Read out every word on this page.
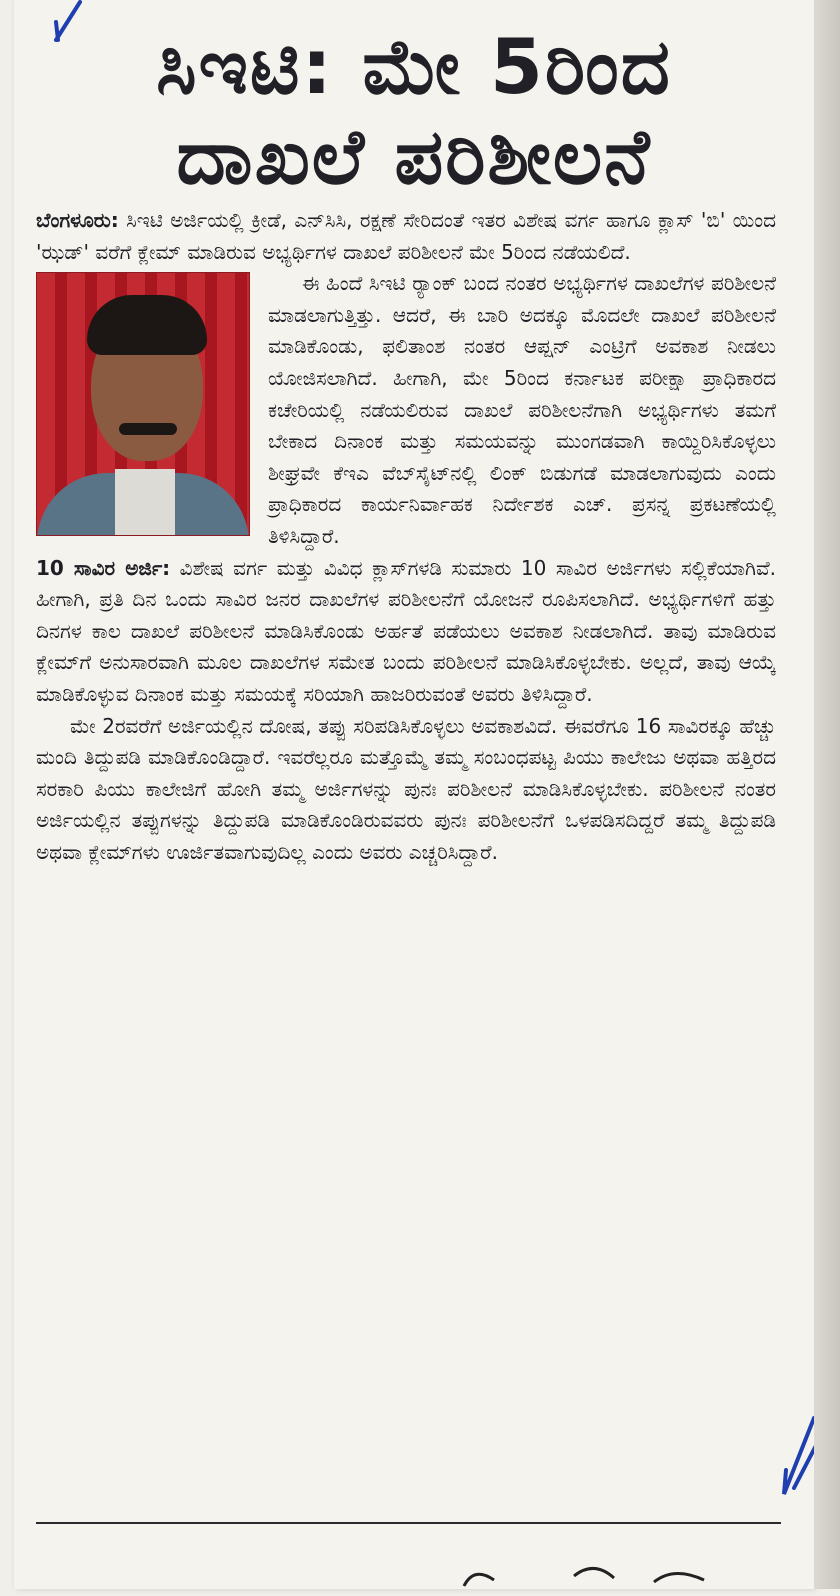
ಸಿಇಟಿ: ಮೇ 5ರಿಂದ
ದಾಖಲೆ ಪರಿಶೀಲನೆ

ಬೆಂಗಳೂರು: ಸಿಇಟಿ ಅರ್ಜಿಯಲ್ಲಿ ಕ್ರೀಡೆ, ಎನ್‌ಸಿಸಿ, ರಕ್ಷಣೆ ಸೇರಿದಂತೆ ಇತರ ವಿಶೇಷ ವರ್ಗ ಹಾಗೂ ಕ್ಲಾಸ್ 'ಬಿ' ಯಿಂದ 'ಝಡ್' ವರೆಗೆ ಕ್ಲೇಮ್ ಮಾಡಿರುವ ಅಭ್ಯರ್ಥಿಗಳ ದಾಖಲೆ ಪರಿಶೀಲನೆ ಮೇ 5ರಿಂದ ನಡೆಯಲಿದೆ.

ಈ ಹಿಂದೆ ಸಿಇಟಿ ರ‍್ಯಾಂಕ್ ಬಂದ ನಂತರ ಅಭ್ಯರ್ಥಿಗಳ ದಾಖಲೆಗಳ ಪರಿಶೀಲನೆ ಮಾಡಲಾಗುತ್ತಿತ್ತು. ಆದರೆ, ಈ ಬಾರಿ ಅದಕ್ಕೂ ಮೊದಲೇ ದಾಖಲೆ ಪರಿಶೀಲನೆ ಮಾಡಿಕೊಂಡು, ಫಲಿತಾಂಶ ನಂತರ ಆಪ್ಷನ್ ಎಂಟ್ರಿಗೆ ಅವಕಾಶ ನೀಡಲು ಯೋಜಿಸಲಾಗಿದೆ. ಹೀಗಾಗಿ, ಮೇ 5ರಿಂದ ಕರ್ನಾಟಕ ಪರೀಕ್ಷಾ ಪ್ರಾಧಿಕಾರದ ಕಚೇರಿಯಲ್ಲಿ ನಡೆಯಲಿರುವ ದಾಖಲೆ ಪರಿಶೀಲನೆಗಾಗಿ ಅಭ್ಯರ್ಥಿಗಳು ತಮಗೆ ಬೇಕಾದ ದಿನಾಂಕ ಮತ್ತು ಸಮಯವನ್ನು ಮುಂಗಡವಾಗಿ ಕಾಯ್ದಿರಿಸಿಕೊಳ್ಳಲು ಶೀಘ್ರವೇ ಕೆಇಎ ವೆಬ್‌ಸೈಟ್‌ನಲ್ಲಿ ಲಿಂಕ್ ಬಿಡುಗಡೆ ಮಾಡಲಾಗುವುದು ಎಂದು ಪ್ರಾಧಿಕಾರದ ಕಾರ್ಯನಿರ್ವಾಹಕ ನಿರ್ದೇಶಕ ಎಚ್. ಪ್ರಸನ್ನ ಪ್ರಕಟಣೆಯಲ್ಲಿ ತಿಳಿಸಿದ್ದಾರೆ.

10 ಸಾವಿರ ಅರ್ಜಿ: ವಿಶೇಷ ವರ್ಗ ಮತ್ತು ವಿವಿಧ ಕ್ಲಾಸ್‌ಗಳಡಿ ಸುಮಾರು 10 ಸಾವಿರ ಅರ್ಜಿಗಳು ಸಲ್ಲಿಕೆಯಾಗಿವೆ. ಹೀಗಾಗಿ, ಪ್ರತಿ ದಿನ ಒಂದು ಸಾವಿರ ಜನರ ದಾಖಲೆಗಳ ಪರಿಶೀಲನೆಗೆ ಯೋಜನೆ ರೂಪಿಸಲಾಗಿದೆ. ಅಭ್ಯರ್ಥಿಗಳಿಗೆ ಹತ್ತು ದಿನಗಳ ಕಾಲ ದಾಖಲೆ ಪರಿಶೀಲನೆ ಮಾಡಿಸಿಕೊಂಡು ಅರ್ಹತೆ ಪಡೆಯಲು ಅವಕಾಶ ನೀಡಲಾಗಿದೆ. ತಾವು ಮಾಡಿರುವ ಕ್ಲೇಮ್‌ಗೆ ಅನುಸಾರವಾಗಿ ಮೂಲ ದಾಖಲೆಗಳ ಸಮೇತ ಬಂದು ಪರಿಶೀಲನೆ ಮಾಡಿಸಿಕೊಳ್ಳಬೇಕು. ಅಲ್ಲದೆ, ತಾವು ಆಯ್ಕೆ ಮಾಡಿಕೊಳ್ಳುವ ದಿನಾಂಕ ಮತ್ತು ಸಮಯಕ್ಕೆ ಸರಿಯಾಗಿ ಹಾಜರಿರುವಂತೆ ಅವರು ತಿಳಿಸಿದ್ದಾರೆ.

ಮೇ 2ರವರೆಗೆ ಅರ್ಜಿಯಲ್ಲಿನ ದೋಷ, ತಪ್ಪು ಸರಿಪಡಿಸಿಕೊಳ್ಳಲು ಅವಕಾಶವಿದೆ. ಈವರೆಗೂ 16 ಸಾವಿರಕ್ಕೂ ಹೆಚ್ಚು ಮಂದಿ ತಿದ್ದುಪಡಿ ಮಾಡಿಕೊಂಡಿದ್ದಾರೆ. ಇವರೆಲ್ಲರೂ ಮತ್ತೊಮ್ಮೆ ತಮ್ಮ ಸಂಬಂಧಪಟ್ಟ ಪಿಯು ಕಾಲೇಜು ಅಥವಾ ಹತ್ತಿರದ ಸರಕಾರಿ ಪಿಯು ಕಾಲೇಜಿಗೆ ಹೋಗಿ ತಮ್ಮ ಅರ್ಜಿಗಳನ್ನು ಪುನಃ ಪರಿಶೀಲನೆ ಮಾಡಿಸಿಕೊಳ್ಳಬೇಕು. ಪರಿಶೀಲನೆ ನಂತರ ಅರ್ಜಿಯಲ್ಲಿನ ತಪ್ಪುಗಳನ್ನು ತಿದ್ದುಪಡಿ ಮಾಡಿಕೊಂಡಿರುವವರು ಪುನಃ ಪರಿಶೀಲನೆಗೆ ಒಳಪಡಿಸದಿದ್ದರೆ ತಮ್ಮ ತಿದ್ದುಪಡಿ ಅಥವಾ ಕ್ಲೇಮ್‌ಗಳು ಊರ್ಜಿತವಾಗುವುದಿಲ್ಲ ಎಂದು ಅವರು ಎಚ್ಚರಿಸಿದ್ದಾರೆ.
